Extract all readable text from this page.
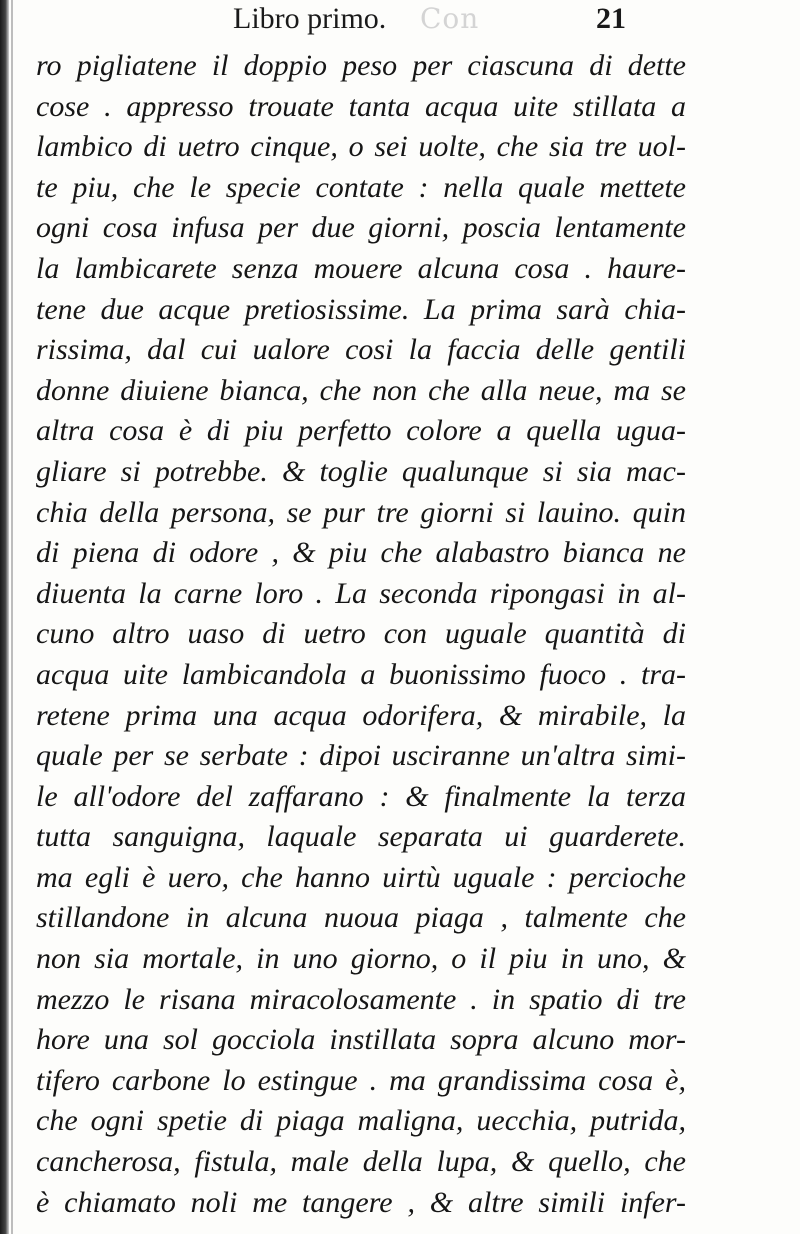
Con
Libro primo.	21
ro pigliatene il doppio peso per ciascuna di dette
cose . appresso trouate tanta acqua uite stillata a
lambico di uetro cinque, o sei uolte, che sia tre uol-
te piu, che le specie contate : nella quale mettete
ogni cosa infusa per due giorni, poscia lentamente
la lambicarete senza mouere alcuna cosa . haure-
tene due acque pretiosissime. La prima sarà chia-
rissima, dal cui ualore cosi la faccia delle gentili
donne diuiene bianca, che non che alla neue, ma se
altra cosa è di piu perfetto colore a quella ugua-
gliare si potrebbe. & toglie qualunque si sia mac-
chia della persona, se pur tre giorni si lauino. quin
di piena di odore , & piu che alabastro bianca ne
diuenta la carne loro . La seconda ripongasi in al-
cuno altro uaso di uetro con uguale quantità di
acqua uite lambicandola a buonissimo fuoco . tra-
retene prima una acqua odorifera, & mirabile, la
quale per se serbate : dipoi usciranne un'altra simi-
le all'odore del zaffarano : & finalmente la terza
tutta sanguigna, laquale separata ui guarderete.
ma egli è uero, che hanno uirtù uguale : percioche
stillandone in alcuna nuoua piaga , talmente che
non sia mortale, in uno giorno, o il piu in uno, &
mezzo le risana miracolosamente . in spatio di tre
hore una sol gocciola instillata sopra alcuno mor-
tifero carbone lo estingue . ma grandissima cosa è,
che ogni spetie di piaga maligna, uecchia, putrida,
cancherosa, fistula, male della lupa, & quello, che
è chiamato noli me tangere , & altre simili infer-
